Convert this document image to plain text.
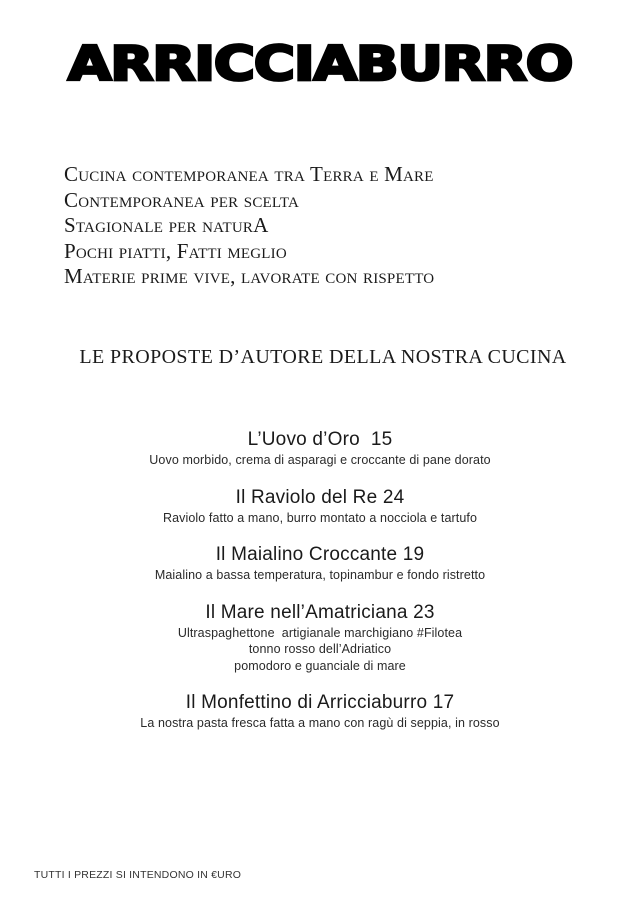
ARRICCIABURRO
Cucina contemporanea tra Terra e Mare
Contemporanea per scelta
Stagionale per naturA
Pochi piatti, Fatti meglio
Materie prime vive, lavorate con rispetto
LE PROPOSTE D’AUTORE DELLA NOSTRA CUCINA
L’Uovo d’Oro  15
Uovo morbido, crema di asparagi e croccante di pane dorato
Il Raviolo del Re 24
Raviolo fatto a mano, burro montato a nocciola e tartufo
Il Maialino Croccante 19
Maialino a bassa temperatura, topinambur e fondo ristretto
Il Mare nell’Amatriciana 23
Ultraspaghettone  artigianale marchigiano #Filotea
tonno rosso dell’Adriatico
pomodoro e guanciale di mare
Il Monfettino di Arricciaburro 17
La nostra pasta fresca fatta a mano con ragù di seppia, in rosso
TUTTI I PREZZI SI INTENDONO IN €URO
